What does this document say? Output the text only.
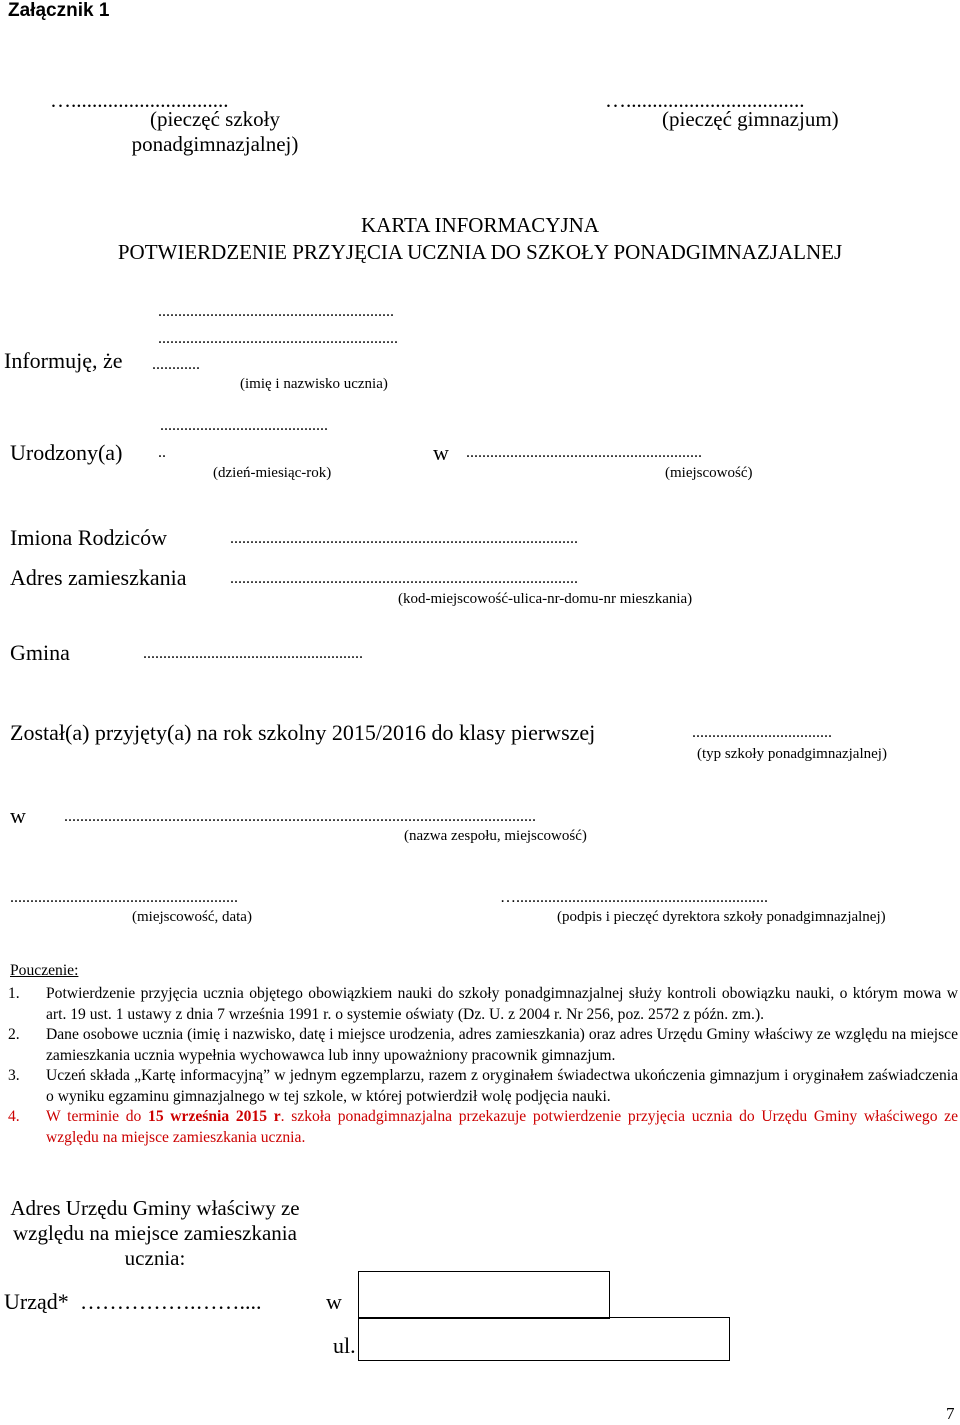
Załącznik 1
…..............................
(pieczęć szkoły
ponadgimnazjalnej)
…..................................
(pieczęć gimnazjum)
KARTA INFORMACYJNA
POTWIERDZENIE PRZYJĘCIA UCZNIA DO SZKOŁY PONADGIMNAZJALNEJ
...........................................................
............................................................
Informuję, że ............
(imię i nazwisko ucznia)
..........................................
Urodzony(a) ..	w ...........................................................
(dzień-miesiąc-rok)	(miejscowość)
Imiona Rodziców	.......................................................................................
Adres zamieszkania	.......................................................................................
(kod-miejscowość-ulica-nr-domu-nr mieszkania)
Gmina	.......................................................
Został(a) przyjęty(a) na rok szkolny 2015/2016 do klasy pierwszej	...................................
(typ szkoły ponadgimnazjalnej)
w ......................................................................................................................
(nazwa zespołu, miejscowość)
.........................................................	…...............................................................
(miejscowość, data)	(podpis i pieczęć dyrektora szkoły ponadgimnazjalnej)
Pouczenie:
1. Potwierdzenie przyjęcia ucznia objętego obowiązkiem nauki do szkoły ponadgimnazjalnej służy kontroli obowiązku nauki, o którym mowa w art. 19 ust. 1 ustawy z dnia 7 września 1991 r. o systemie oświaty (Dz. U. z 2004 r. Nr 256, poz. 2572 z późn. zm.).
2. Dane osobowe ucznia (imię i nazwisko, datę i miejsce urodzenia, adres zamieszkania) oraz adres Urzędu Gminy właściwy ze względu na miejsce zamieszkania ucznia wypełnia wychowawca lub inny upoważniony pracownik gimnazjum.
3. Uczeń składa „Kartę informacyjną” w jednym egzemplarzu, razem z oryginałem świadectwa ukończenia gimnazjum i oryginałem zaświadczenia o wyniku egzaminu gimnazjalnego w tej szkole, w której potwierdził wolę podjęcia nauki.
4. W terminie do 15 września 2015 r. szkoła ponadgimnazjalna przekazuje potwierdzenie przyjęcia ucznia do Urzędu Gminy właściwego ze względu na miejsce zamieszkania ucznia.
Adres Urzędu Gminy właściwy ze
względu na miejsce zamieszkania
ucznia:
Urząd* …………….……....	w
ul.
7
